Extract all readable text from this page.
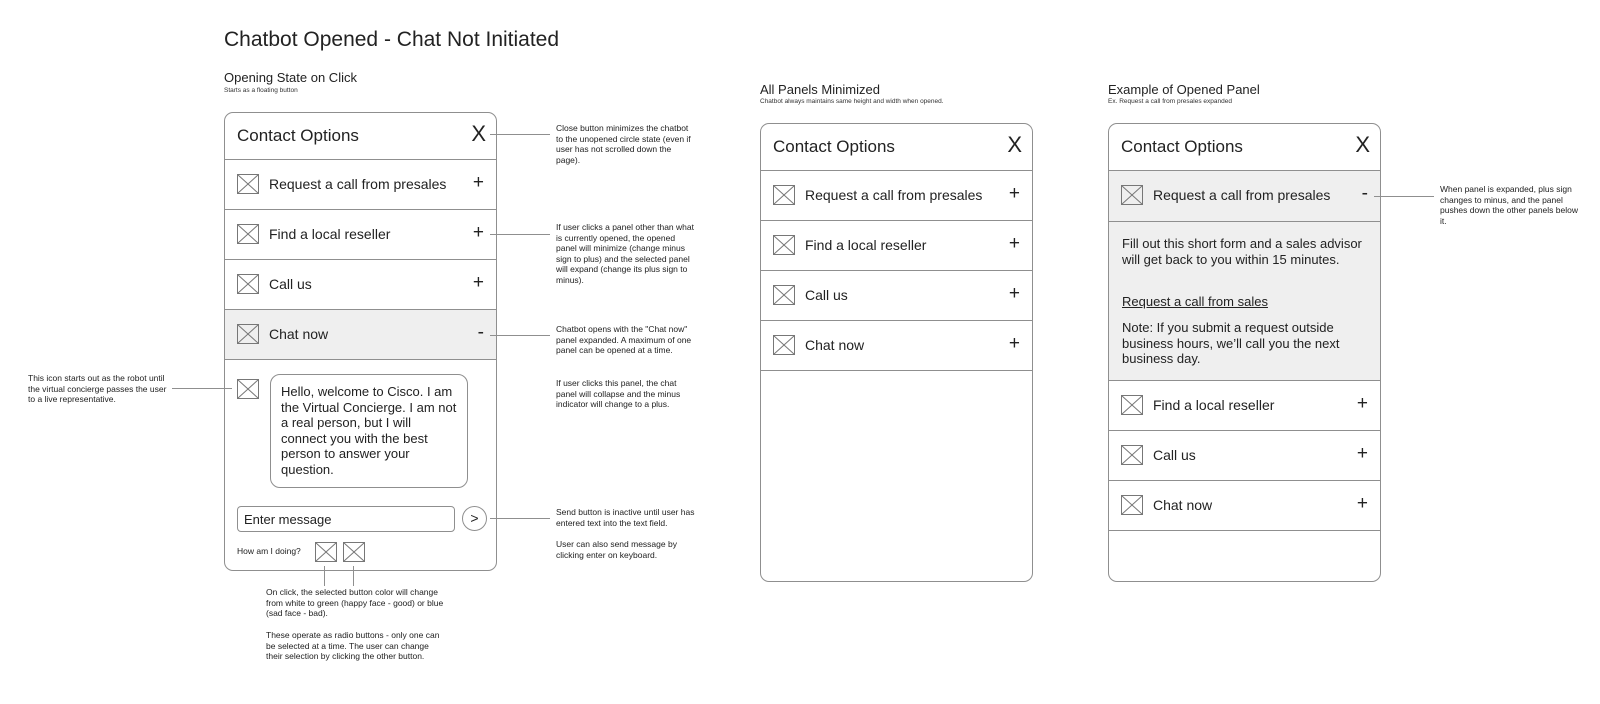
Chatbot Opened - Chat Not Initiated
Opening State on Click
Starts as a floating button	All Panels Minimized
Chatbot always maintains same height and width when opened.
Example of Opened Panel
Ex. Request a call from presales expanded
Contact Options	X
Request a call from presales +
Find a local reseller	+
Call us	+
Chat now	-
Hello, welcome to Cisco. I am the Virtual Concierge. I am not a real person, but I will connect you with the best person to answer your question.
Enter message
>
How am I doing?
Close button minimizes the chatbot to the unopened circle state (even if user has not scrolled down the page).
If user clicks a panel other than what is currently opened, the opened panel will minimize (change minus sign to plus) and the selected panel will expand (change its plus sign to minus).
Chatbot opens with the "Chat now" panel expanded. A maximum of one panel can be opened at a time.
If user clicks this panel, the chat panel will collapse and the minus indicator will change to a plus.
Send button is inactive until user has entered text into the text field.
User can also send message by clicking enter on keyboard.
This icon starts out as the robot until the virtual concierge passes the user to a live representative.
On click, the selected button color will change from white to green (happy face - good) or blue (sad face - bad).
These operate as radio buttons - only one can be selected at a time. The user can change their selection by clicking the other button.
Contact Options	X
Request a call from presales +
Find a local reseller	+
Call us	+
Chat now	+
Contact Options	X
Request a call from presales -

Fill out this short form and a sales advisor will get back to you within 15 minutes.

Request a call from sales

Note: If you submit a request outside business hours, we’ll call you the next business day.

Find a local reseller	+
Call us	+
Chat now	+
When panel is expanded, plus sign changes to minus, and the panel pushes down the other panels below it.
